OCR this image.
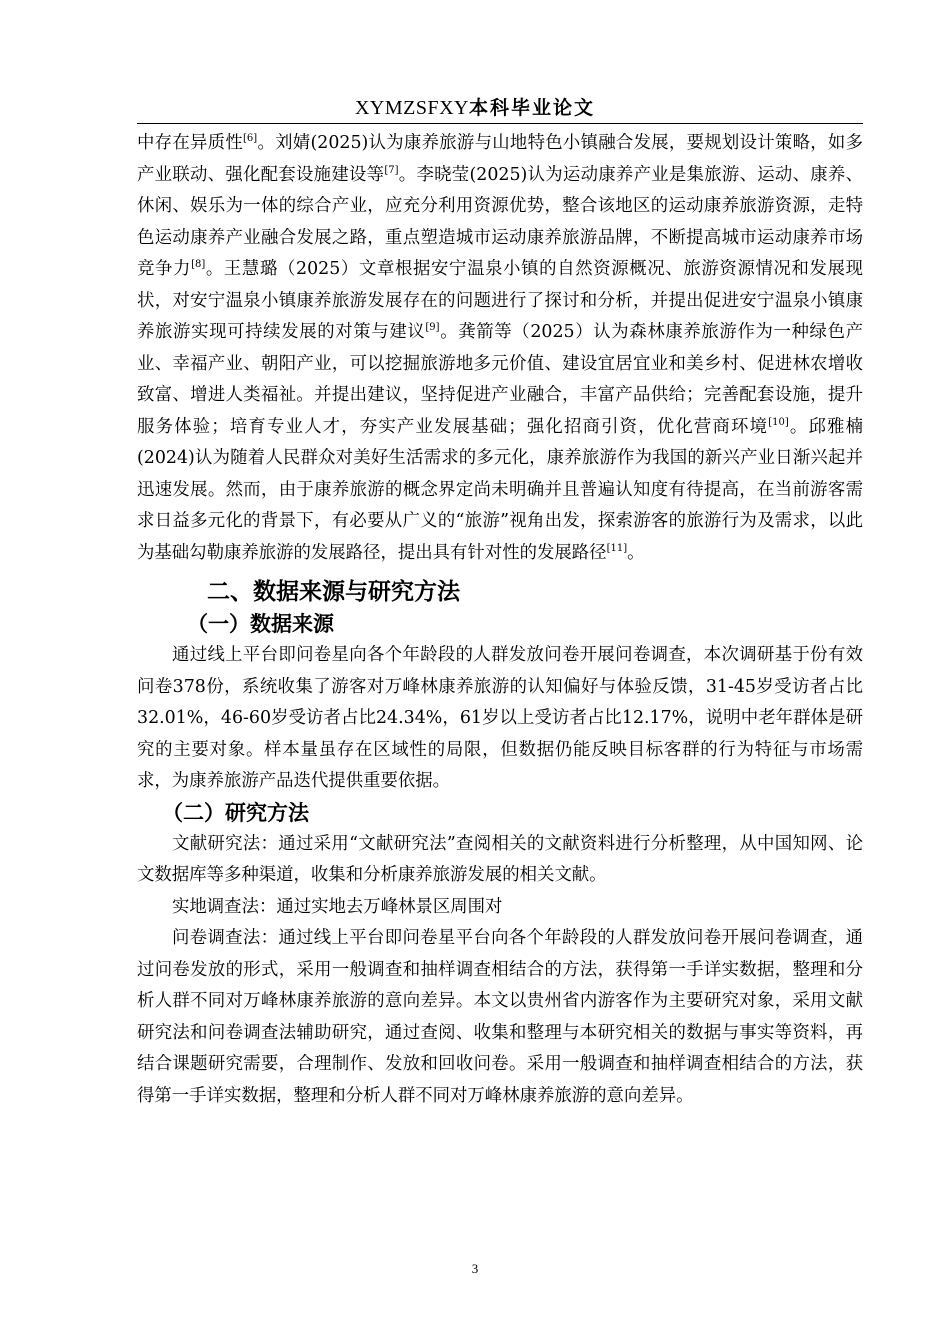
XYMZSFXY本科毕业论文

中存在异质性[6]。刘婧(2025)认为康养旅游与山地特色小镇融合发展，要规划设计策略，如多产业联动、强化配套设施建设等[7]。李晓莹(2025)认为运动康养产业是集旅游、运动、康养、休闲、娱乐为一体的综合产业，应充分利用资源优势，整合该地区的运动康养旅游资源，走特色运动康养产业融合发展之路，重点塑造城市运动康养旅游品牌，不断提高城市运动康养市场竞争力[8]。王慧璐（2025）文章根据安宁温泉小镇的自然资源概况、旅游资源情况和发展现状，对安宁温泉小镇康养旅游发展存在的问题进行了探讨和分析，并提出促进安宁温泉小镇康养旅游实现可持续发展的对策与建议[9]。龚箭等（2025）认为森林康养旅游作为一种绿色产业、幸福产业、朝阳产业，可以挖掘旅游地多元价值、建设宜居宜业和美乡村、促进林农增收致富、增进人类福祉。并提出建议，坚持促进产业融合，丰富产品供给；完善配套设施，提升服务体验；培育专业人才，夯实产业发展基础；强化招商引资，优化营商环境[10]。邱雅楠(2024)认为随着人民群众对美好生活需求的多元化，康养旅游作为我国的新兴产业日渐兴起并迅速发展。然而，由于康养旅游的概念界定尚未明确并且普遍认知度有待提高，在当前游客需求日益多元化的背景下，有必要从广义的“旅游”视角出发，探索游客的旅游行为及需求，以此为基础勾勒康养旅游的发展路径，提出具有针对性的发展路径[11]。

二、数据来源与研究方法
（一）数据来源

通过线上平台即问卷星向各个年龄段的人群发放问卷开展问卷调查，本次调研基于份有效问卷378份，系统收集了游客对万峰林康养旅游的认知偏好与体验反馈，31-45岁受访者占比32.01%，46-60岁受访者占比24.34%，61岁以上受访者占比12.17%，说明中老年群体是研究的主要对象。样本量虽存在区域性的局限，但数据仍能反映目标客群的行为特征与市场需求，为康养旅游产品迭代提供重要依据。

（二）研究方法

文献研究法：通过采用“文献研究法”查阅相关的文献资料进行分析整理，从中国知网、论文数据库等多种渠道，收集和分析康养旅游发展的相关文献。

实地调查法：通过实地去万峰林景区周围对

问卷调查法：通过线上平台即问卷星平台向各个年龄段的人群发放问卷开展问卷调查，通过问卷发放的形式，采用一般调查和抽样调查相结合的方法，获得第一手详实数据，整理和分析人群不同对万峰林康养旅游的意向差异。本文以贵州省内游客作为主要研究对象，采用文献研究法和问卷调查法辅助研究，通过查阅、收集和整理与本研究相关的数据与事实等资料，再结合课题研究需要，合理制作、发放和回收问卷。采用一般调查和抽样调查相结合的方法，获得第一手详实数据，整理和分析人群不同对万峰林康养旅游的意向差异。

3
